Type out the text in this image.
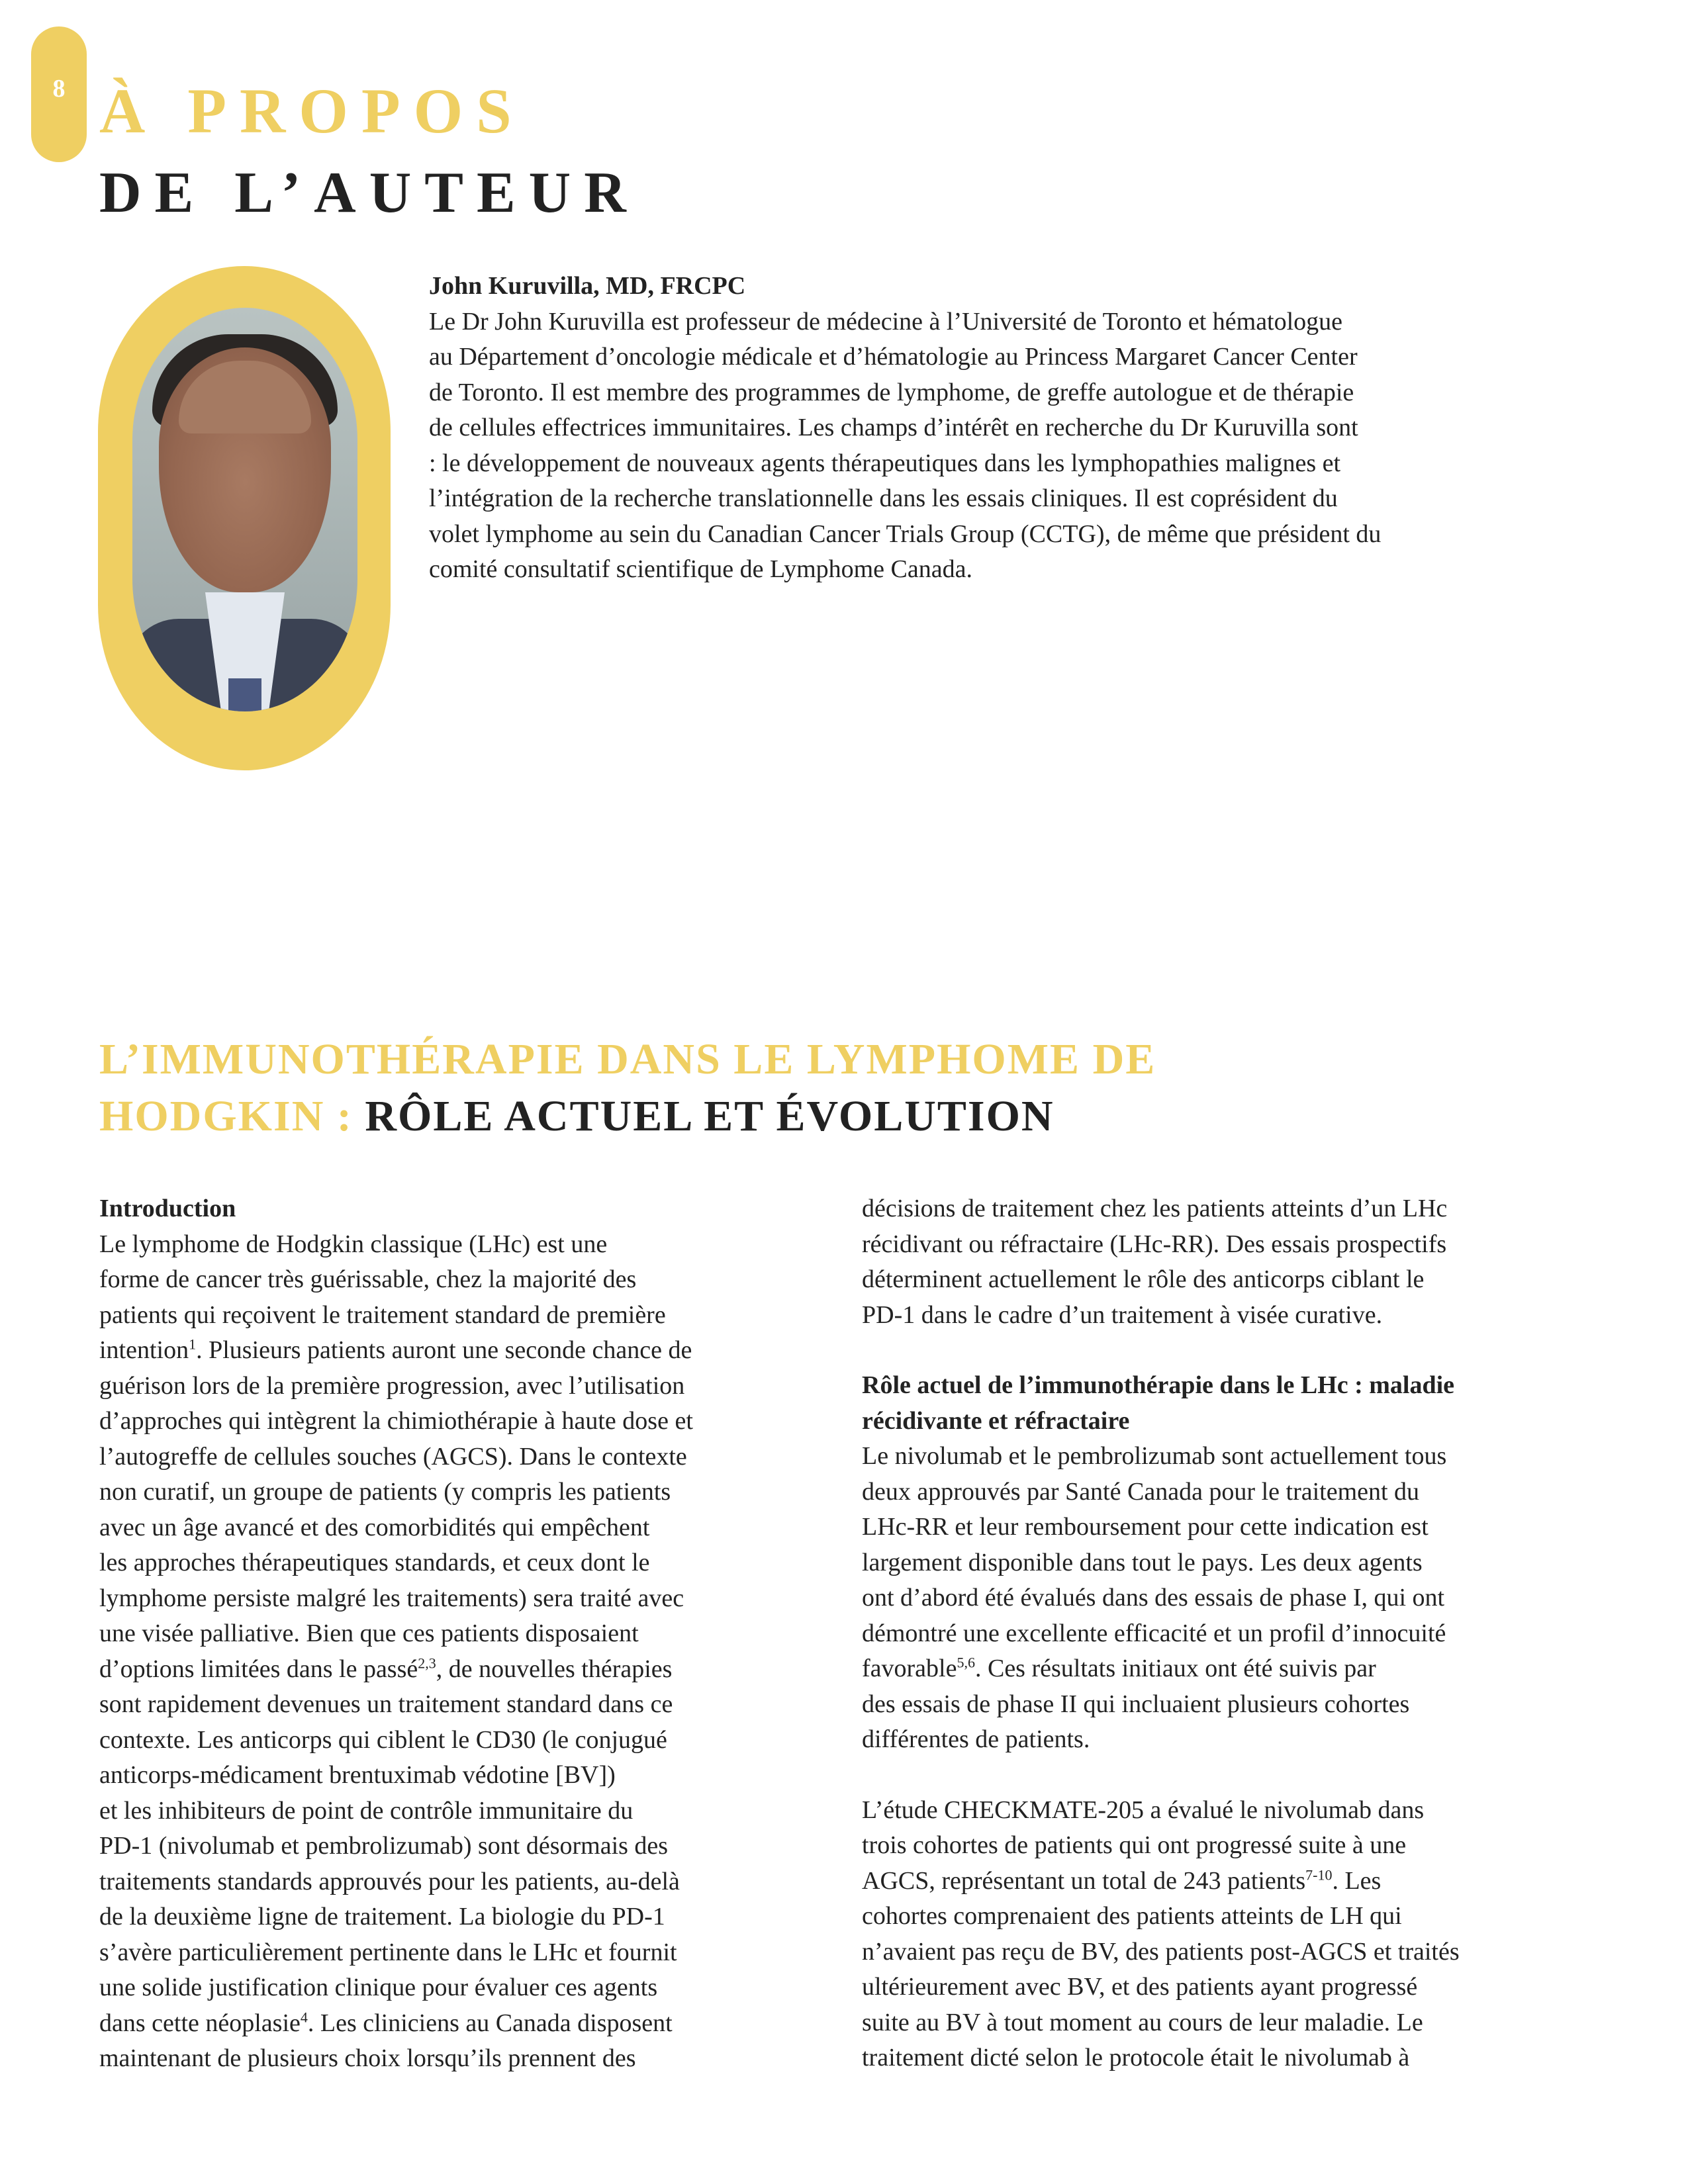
8 À PROPOS
DE L’AUTEUR
John Kuruvilla, MD, FRCPC
Le Dr John Kuruvilla est professeur de médecine à l’Université de Toronto et hématologue
au Département d’oncologie médicale et d’hématologie au Princess Margaret Cancer Center
de Toronto. Il est membre des programmes de lymphome, de greffe autologue et de thérapie
de cellules effectrices immunitaires. Les champs d’intérêt en recherche du Dr Kuruvilla sont
: le développement de nouveaux agents thérapeutiques dans les lymphopathies malignes et
l’intégration de la recherche translationnelle dans les essais cliniques. Il est coprésident du
volet lymphome au sein du Canadian Cancer Trials Group (CCTG), de même que président du
comité consultatif scientifique de Lymphome Canada.
L’IMMUNOTHÉRAPIE DANS LE LYMPHOME DE
HODGKIN : RÔLE ACTUEL ET ÉVOLUTION
Introduction
Le lymphome de Hodgkin classique (LHc) est une
forme de cancer très guérissable, chez la majorité des
patients qui reçoivent le traitement standard de première
intention$^1$. Plusieurs patients auront une seconde chance de
guérison lors de la première progression, avec l’utilisation
d’approches qui intègrent la chimiothérapie à haute dose et
l’autogreffe de cellules souches (AGCS). Dans le contexte
non curatif, un groupe de patients (y compris les patients
avec un âge avancé et des comorbidités qui empêchent
les approches thérapeutiques standards, et ceux dont le
lymphome persiste malgré les traitements) sera traité avec
une visée palliative. Bien que ces patients disposaient
d’options limitées dans le passé$^{2,3}$, de nouvelles thérapies
sont rapidement devenues un traitement standard dans ce
contexte. Les anticorps qui ciblent le CD30 (le conjugué
anticorps-médicament brentuximab védotine [BV])
et les inhibiteurs de point de contrôle immunitaire du
PD-1 (nivolumab et pembrolizumab) sont désormais des
traitements standards approuvés pour les patients, au-delà
de la deuxième ligne de traitement. La biologie du PD-1
s’avère particulièrement pertinente dans le LHc et fournit
une solide justification clinique pour évaluer ces agents
dans cette néoplasie$^4$. Les cliniciens au Canada disposent
maintenant de plusieurs choix lorsqu’ils prennent des
décisions de traitement chez les patients atteints d’un LHc
récidivant ou réfractaire (LHc-RR). Des essais prospectifs
déterminent actuellement le rôle des anticorps ciblant le
PD-1 dans le cadre d’un traitement à visée curative.
Rôle actuel de l’immunothérapie dans le LHc : maladie
récidivante et réfractaire
Le nivolumab et le pembrolizumab sont actuellement tous
deux approuvés par Santé Canada pour le traitement du
LHc-RR et leur remboursement pour cette indication est
largement disponible dans tout le pays. Les deux agents
ont d’abord été évalués dans des essais de phase I, qui ont
démontré une excellente efficacité et un profil d’innocuité
favorable$^{5,6}$. Ces résultats initiaux ont été suivis par
des essais de phase II qui incluaient plusieurs cohortes
différentes de patients.
L’étude CHECKMATE-205 a évalué le nivolumab dans
trois cohortes de patients qui ont progressé suite à une
AGCS, représentant un total de 243 patients$^{7-10}$. Les
cohortes comprenaient des patients atteints de LH qui
n’avaient pas reçu de BV, des patients post-AGCS et traités
ultérieurement avec BV, et des patients ayant progressé
suite au BV à tout moment au cours de leur maladie. Le
traitement dicté selon le protocole était le nivolumab à
